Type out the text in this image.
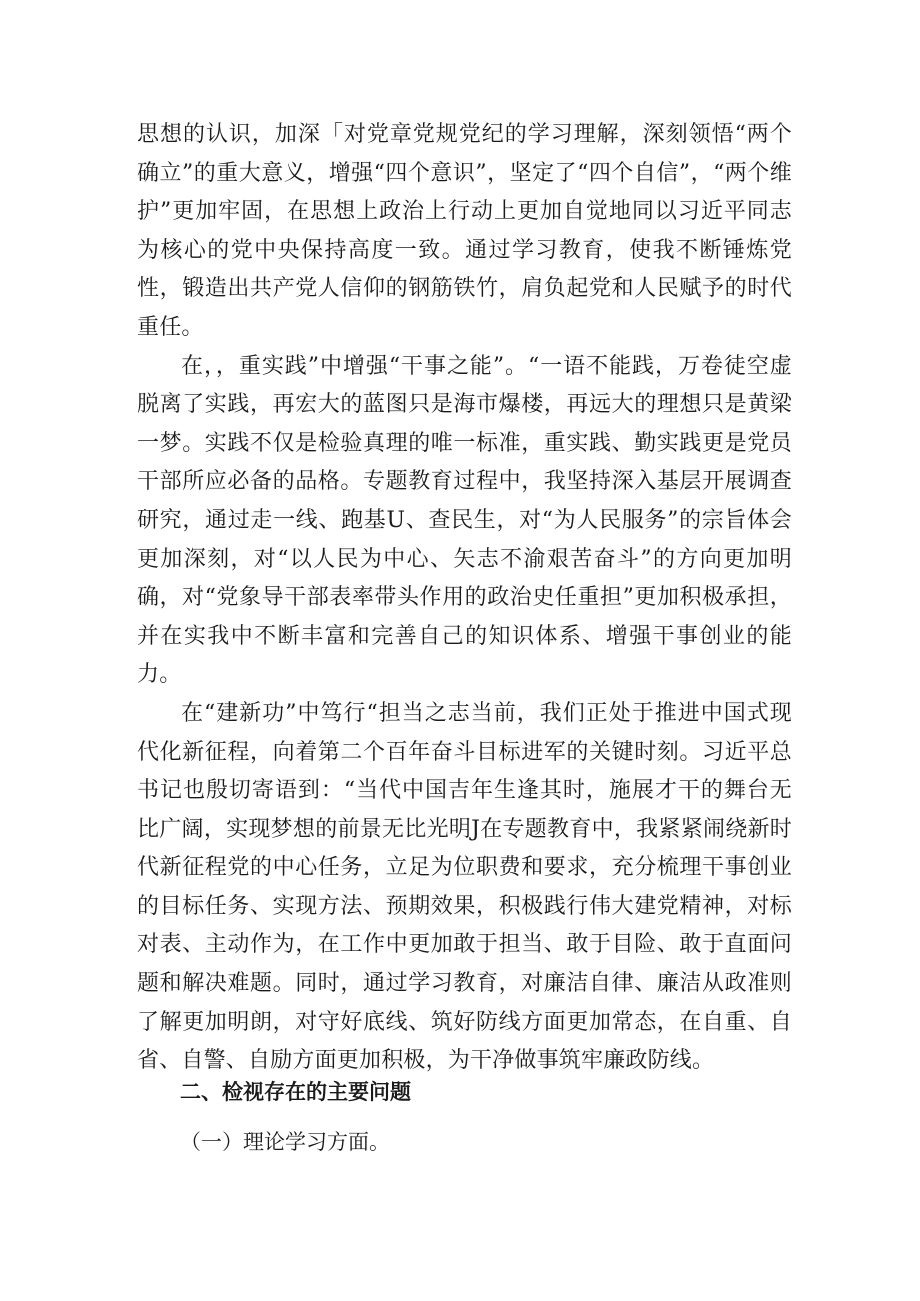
思想的认识，加深「对党章党规党纪的学习理解，深刻领悟“两个确立”的重大意义，增强“四个意识”，坚定了“四个自信”，“两个维护”更加牢固，在思想上政治上行动上更加自觉地同以习近平同志为核心的党中央保持高度一致。通过学习教育，使我不断锤炼党性，锻造出共产党人信仰的钢筋铁竹，肩负起党和人民赋予的时代重任。

在，，重实践”中增强“干事之能”。“一语不能践，万卷徒空虚脱离了实践，再宏大的蓝图只是海市爆楼，再远大的理想只是黄梁一梦。实践不仅是检验真理的唯一标准，重实践、勤实践更是党员干部所应必备的品格。专题教育过程中，我坚持深入基层开展调查研究，通过走一线、跑基U、查民生，对“为人民服务”的宗旨体会更加深刻，对“以人民为中心、矢志不渝艰苦奋斗”的方向更加明确，对“党象导干部表率带头作用的政治史任重担”更加积极承担，并在实我中不断丰富和完善自己的知识体系、增强干事创业的能力。

在“建新功”中笃行“担当之志当前，我们正处于推进中国式现代化新征程，向着第二个百年奋斗目标进军的关键时刻。习近平总书记也殷切寄语到：“当代中国吉年生逢其时，施展才干的舞台无比广阔，实现梦想的前景无比光明J在专题教育中，我紧紧闹绕新时代新征程党的中心任务，立足为位职费和要求，充分梳理干事创业的目标任务、实现方法、预期效果，积极践行伟大建党精神，对标对表、主动作为，在工作中更加敢于担当、敢于目险、敢于直面问题和解决难题。同时，通过学习教育，对廉洁自律、廉洁从政准则了解更加明朗，对守好底线、筑好防线方面更加常态，在自重、自省、自警、自励方面更加积极，为干净做事筑牢廉政防线。

二、检视存在的主要问题

（一）理论学习方面。
